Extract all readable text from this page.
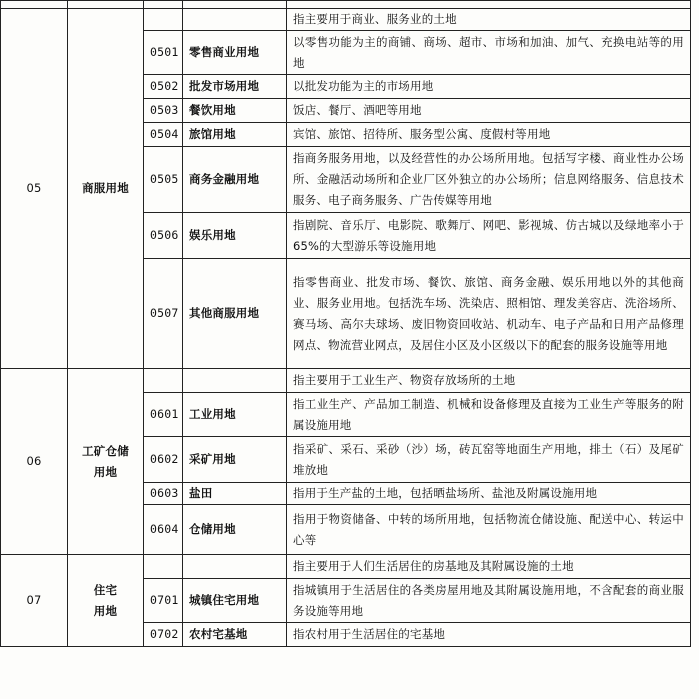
05	商服用地			指主要用于商业、服务业的土地
		0501	零售商业用地	以零售功能为主的商铺、商场、超市、市场和加油、加气、充换电站等的用地
		0502	批发市场用地	以批发功能为主的市场用地
		0503	餐饮用地	饭店、餐厅、酒吧等用地
		0504	旅馆用地	宾馆、旅馆、招待所、服务型公寓、度假村等用地
		0505	商务金融用地	指商务服务用地，以及经营性的办公场所用地。包括写字楼、商业性办公场所、金融活动场所和企业厂区外独立的办公场所；信息网络服务、信息技术服务、电子商务服务、广告传媒等用地
		0506	娱乐用地	指剧院、音乐厅、电影院、歌舞厅、网吧、影视城、仿古城以及绿地率小于65%的大型游乐等设施用地
		0507	其他商服用地	指零售商业、批发市场、餐饮、旅馆、商务金融、娱乐用地以外的其他商业、服务业用地。包括洗车场、洗染店、照相馆、理发美容店、洗浴场所、赛马场、高尔夫球场、废旧物资回收站、机动车、电子产品和日用产品修理网点、物流营业网点，及居住小区及小区级以下的配套的服务设施等用地
06	工矿仓储用地			指主要用于工业生产、物资存放场所的土地
		0601	工业用地	指工业生产、产品加工制造、机械和设备修理及直接为工业生产等服务的附属设施用地
		0602	采矿用地	指采矿、采石、采砂（沙）场，砖瓦窑等地面生产用地，排土（石）及尾矿堆放地
		0603	盐田	指用于生产盐的土地，包括晒盐场所、盐池及附属设施用地
		0604	仓储用地	指用于物资储备、中转的场所用地，包括物流仓储设施、配送中心、转运中心等
07	住宅用地			指主要用于人们生活居住的房基地及其附属设施的土地
		0701	城镇住宅用地	指城镇用于生活居住的各类房屋用地及其附属设施用地，不含配套的商业服务设施等用地
		0702	农村宅基地	指农村用于生活居住的宅基地
